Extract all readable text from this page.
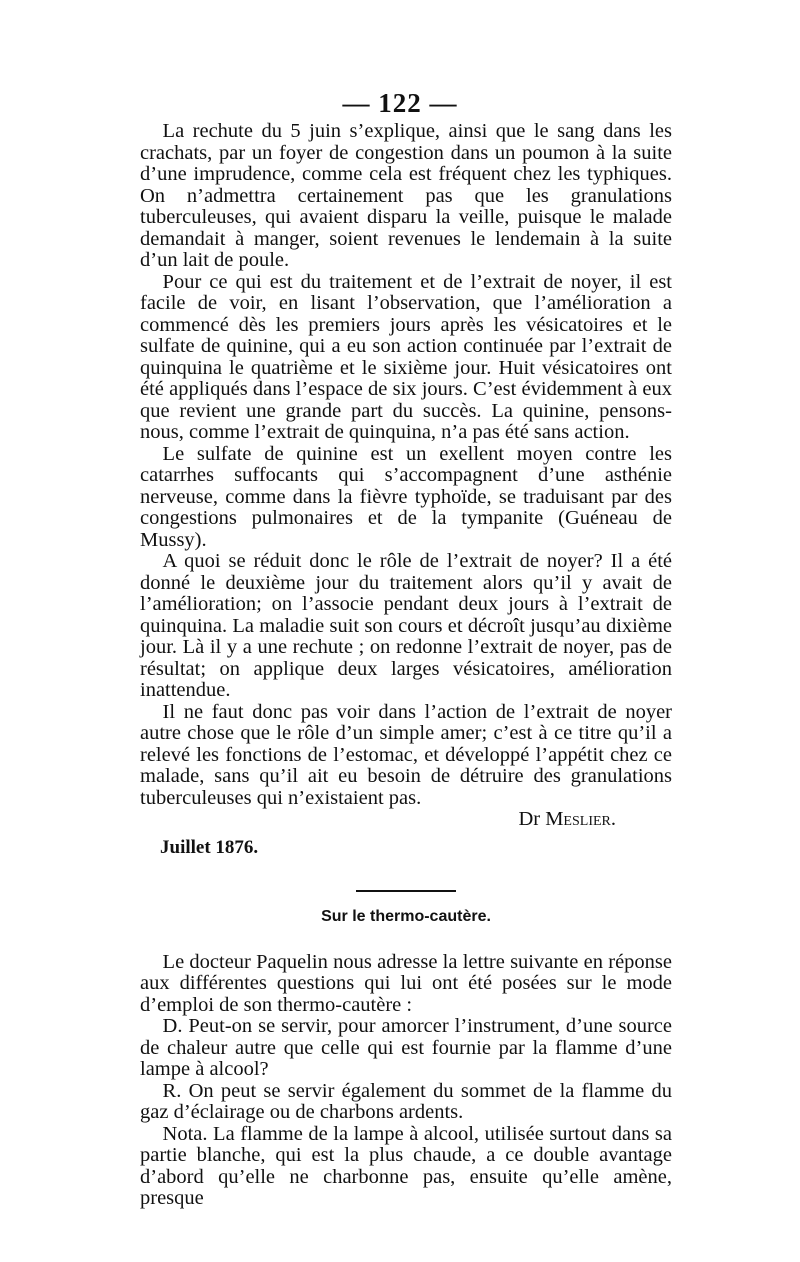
— 122 —

La rechute du 5 juin s’explique, ainsi que le sang dans les crachats, par un foyer de congestion dans un poumon à la suite d’une imprudence, comme cela est fréquent chez les typhiques. On n’admettra certainement pas que les granulations tuberculeuses, qui avaient disparu la veille, puisque le malade demandait à manger, soient revenues le lendemain à la suite d’un lait de poule.

Pour ce qui est du traitement et de l’extrait de noyer, il est facile de voir, en lisant l’observation, que l’amélioration a commencé dès les premiers jours après les vésicatoires et le sulfate de quinine, qui a eu son action continuée par l’extrait de quinquina le quatrième et le sixième jour. Huit vésicatoires ont été appliqués dans l’espace de six jours. C’est évidemment à eux que revient une grande part du succès. La quinine, pensons-nous, comme l’extrait de quinquina, n’a pas été sans action.

Le sulfate de quinine est un exellent moyen contre les catarrhes suffocants qui s’accompagnent d’une asthénie nerveuse, comme dans la fièvre typhoïde, se traduisant par des congestions pulmonaires et de la tympanite (Guéneau de Mussy).

A quoi se réduit donc le rôle de l’extrait de noyer? Il a été donné le deuxième jour du traitement alors qu’il y avait de l’amélioration; on l’associe pendant deux jours à l’extrait de quinquina. La maladie suit son cours et décroît jusqu’au dixième jour. Là il y a une rechute ; on redonne l’extrait de noyer, pas de résultat; on applique deux larges vésicatoires, amélioration inattendue.

Il ne faut donc pas voir dans l’action de l’extrait de noyer autre chose que le rôle d’un simple amer; c’est à ce titre qu’il a relevé les fonctions de l’estomac, et développé l’appétit chez ce malade, sans qu’il ait eu besoin de détruire des granulations tuberculeuses qui n’existaient pas.

Dr Meslier.
Juillet 1876.
Sur le thermo-cautère.

Le docteur Paquelin nous adresse la lettre suivante en réponse aux différentes questions qui lui ont été posées sur le mode d’emploi de son thermo-cautère :

D. Peut-on se servir, pour amorcer l’instrument, d’une source de chaleur autre que celle qui est fournie par la flamme d’une lampe à alcool?

R. On peut se servir également du sommet de la flamme du gaz d’éclairage ou de charbons ardents.

Nota. La flamme de la lampe à alcool, utilisée surtout dans sa partie blanche, qui est la plus chaude, a ce double avantage d’abord qu’elle ne charbonne pas, ensuite qu’elle amène, presque
